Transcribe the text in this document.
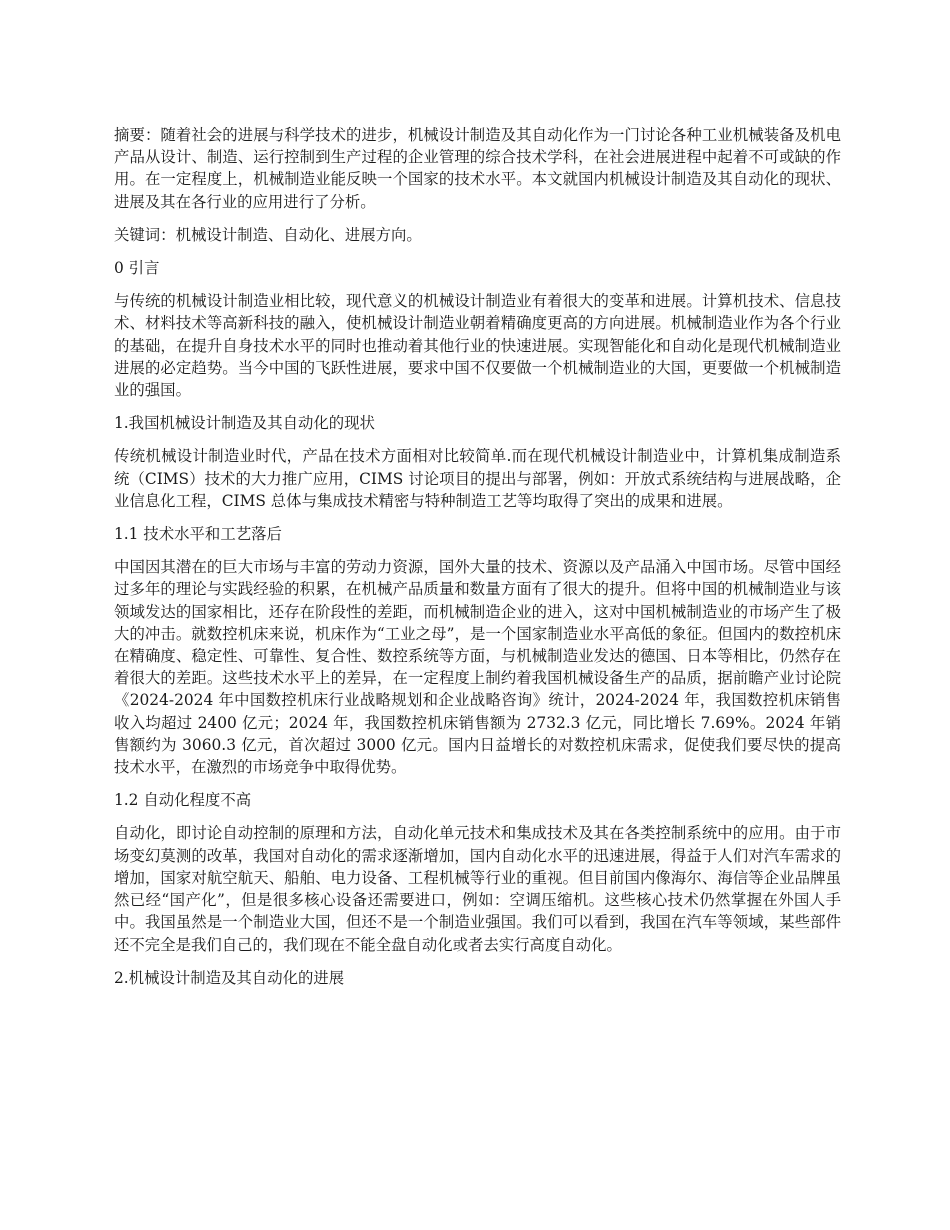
摘要：随着社会的进展与科学技术的进步，机械设计制造及其自动化作为一门讨论各种工业机械装备及机电产品从设计、制造、运行控制到生产过程的企业管理的综合技术学科，在社会进展进程中起着不可或缺的作用。在一定程度上，机械制造业能反映一个国家的技术水平。本文就国内机械设计制造及其自动化的现状、进展及其在各行业的应用进行了分析。

关键词：机械设计制造、自动化、进展方向。

0 引言

与传统的机械设计制造业相比较，现代意义的机械设计制造业有着很大的变革和进展。计算机技术、信息技术、材料技术等高新科技的融入，使机械设计制造业朝着精确度更高的方向进展。机械制造业作为各个行业的基础，在提升自身技术水平的同时也推动着其他行业的快速进展。实现智能化和自动化是现代机械制造业进展的必定趋势。当今中国的飞跃性进展，要求中国不仅要做一个机械制造业的大国，更要做一个机械制造业的强国。

1.我国机械设计制造及其自动化的现状

传统机械设计制造业时代，产品在技术方面相对比较简单.而在现代机械设计制造业中，计算机集成制造系统（CIMS）技术的大力推广应用，CIMS 讨论项目的提出与部署，例如：开放式系统结构与进展战略，企业信息化工程，CIMS 总体与集成技术精密与特种制造工艺等均取得了突出的成果和进展。

1.1 技术水平和工艺落后

中国因其潜在的巨大市场与丰富的劳动力资源，国外大量的技术、资源以及产品涌入中国市场。尽管中国经过多年的理论与实践经验的积累，在机械产品质量和数量方面有了很大的提升。但将中国的机械制造业与该领域发达的国家相比，还存在阶段性的差距，而机械制造企业的进入，这对中国机械制造业的市场产生了极大的冲击。就数控机床来说，机床作为“工业之母”，是一个国家制造业水平高低的象征。但国内的数控机床在精确度、稳定性、可靠性、复合性、数控系统等方面，与机械制造业发达的德国、日本等相比，仍然存在着很大的差距。这些技术水平上的差异，在一定程度上制约着我国机械设备生产的品质，据前瞻产业讨论院《2024-2024 年中国数控机床行业战略规划和企业战略咨询》统计，2024-2024 年，我国数控机床销售收入均超过 2400 亿元；2024 年，我国数控机床销售额为 2732.3 亿元，同比增长 7.69%。2024 年销售额约为 3060.3 亿元，首次超过 3000 亿元。国内日益增长的对数控机床需求，促使我们要尽快的提高技术水平，在激烈的市场竞争中取得优势。

1.2 自动化程度不高

自动化，即讨论自动控制的原理和方法，自动化单元技术和集成技术及其在各类控制系统中的应用。由于市场变幻莫测的改革，我国对自动化的需求逐渐增加，国内自动化水平的迅速进展，得益于人们对汽车需求的增加，国家对航空航天、船舶、电力设备、工程机械等行业的重视。但目前国内像海尔、海信等企业品牌虽然已经“国产化”，但是很多核心设备还需要进口，例如：空调压缩机。这些核心技术仍然掌握在外国人手中。我国虽然是一个制造业大国，但还不是一个制造业强国。我们可以看到，我国在汽车等领域，某些部件还不完全是我们自己的，我们现在不能全盘自动化或者去实行高度自动化。

2.机械设计制造及其自动化的进展
